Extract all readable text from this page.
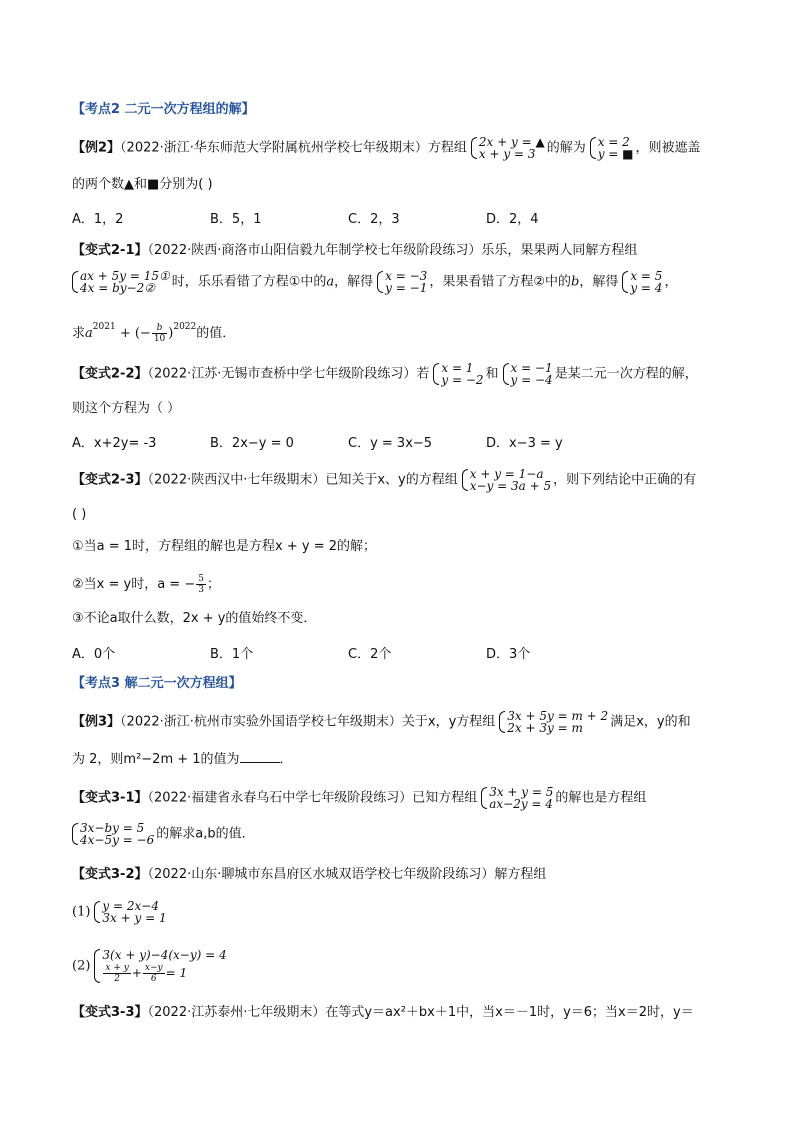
【考点2 二元一次方程组的解】
【例2】（2022·浙江·华东师范大学附属杭州学校七年级期末）方程组 2x + y = ▲
x + y = 3 的解为 x = 2
y = ■ ，则被遮盖
的两个数▲和■分别为( )
A．1，2	B．5，1	C．2，3	D．2，4
【变式2-1】（2022·陕西·商洛市山阳信毅九年制学校七年级阶段练习）乐乐，果果两人同解方程组
ax + 5y = 15①
4x = by−2②	时，乐乐看错了方程①中的a，解得 x = −3
y = −1 ，果果看错了方程②中的b，解得 x = 5
y = 4 ，
求$a^{2021}$ + (− $\frac{b}{10} )^{2022}$的值．
【变式2-2】（2022·江苏·无锡市查桥中学七年级阶段练习）若 x = 1
y = −2 和 x = −1
y = −4 是某二元一次方程的解，
则这个方程为（ ）
A．x+2y= -3	B．2x−y = 0	C．y = 3x−5	D．x−3 = y
【变式2-3】（2022·陕西汉中·七年级期末）已知关于x、y的方程组 x + y = 1−a
x−y = 3a + 5 ，则下列结论中正确的有
( )
①当a = 1时，方程组的解也是方程x + y = 2的解；
②当x = y时，a = − $\frac{5}{3}$ ；
③不论a取什么数，2x + y的值始终不变．
A．0个	B．1个	C．2个	D．3个
【考点3 解二元一次方程组】
【例3】（2022·浙江·杭州市实验外国语学校七年级期末）关于x，y方程组 3x + 5y = m + 2
2x + 3y = m	满足x，y的和
为 2，则m²−2m + 1的值为	．
【变式3-1】（2022·福建省永春乌石中学七年级阶段练习）已知方程组 3x + y = 5
ax−2y = 4 的解也是方程组
3x−by = 5
4x−5y = −6 的解求a,b的值．
【变式3-2】（2022·山东·聊城市东昌府区水城双语学校七年级阶段练习）解方程组
(1) y = 2x−4
3x + y = 1
(2)
3(x + y)−4(x−y) = 4
$\frac{x + y}{2} + \frac{x-y}{6} = 1$
【变式3-3】（2022·江苏泰州·七年级期末）在等式y＝ax²＋bx＋1中，当x＝－1时，y＝6；当x＝2时，y＝
